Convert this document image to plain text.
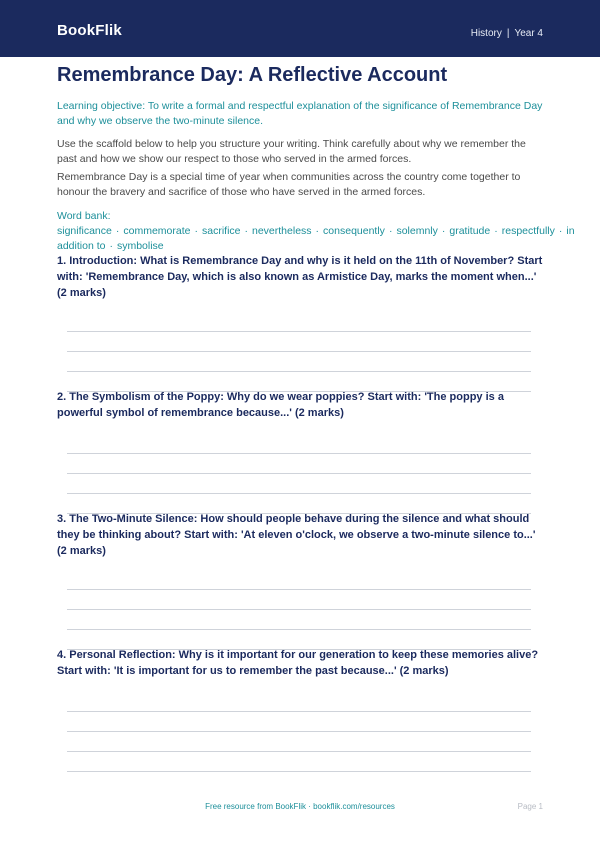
BookFlik	History | Year 4
Remembrance Day: A Reflective Account

Learning objective: To write a formal and respectful explanation of the significance of Remembrance Day and why we observe the two-minute silence.

Use the scaffold below to help you structure your writing. Think carefully about why we remember the past and how we show our respect to those who served in the armed forces.

Remembrance Day is a special time of year when communities across the country come together to honour the bravery and sacrifice of those who have served in the armed forces.

Word bank: significance · commemorate · sacrifice · nevertheless · consequently · solemnly · gratitude · respectfully · in addition to · symbolise

1. Introduction: What is Remembrance Day and why is it held on the 11th of November? Start with: 'Remembrance Day, which is also known as Armistice Day, marks the moment when...' (2 marks)
2. The Symbolism of the Poppy: Why do we wear poppies? Start with: 'The poppy is a powerful symbol of remembrance because...' (2 marks)
3. The Two-Minute Silence: How should people behave during the silence and what should they be thinking about? Start with: 'At eleven o'clock, we observe a two-minute silence to...' (2 marks)
4. Personal Reflection: Why is it important for our generation to keep these memories alive? Start with: 'It is important for us to remember the past because...' (2 marks)
Free resource from BookFlik · bookflik.com/resources	Page 1
